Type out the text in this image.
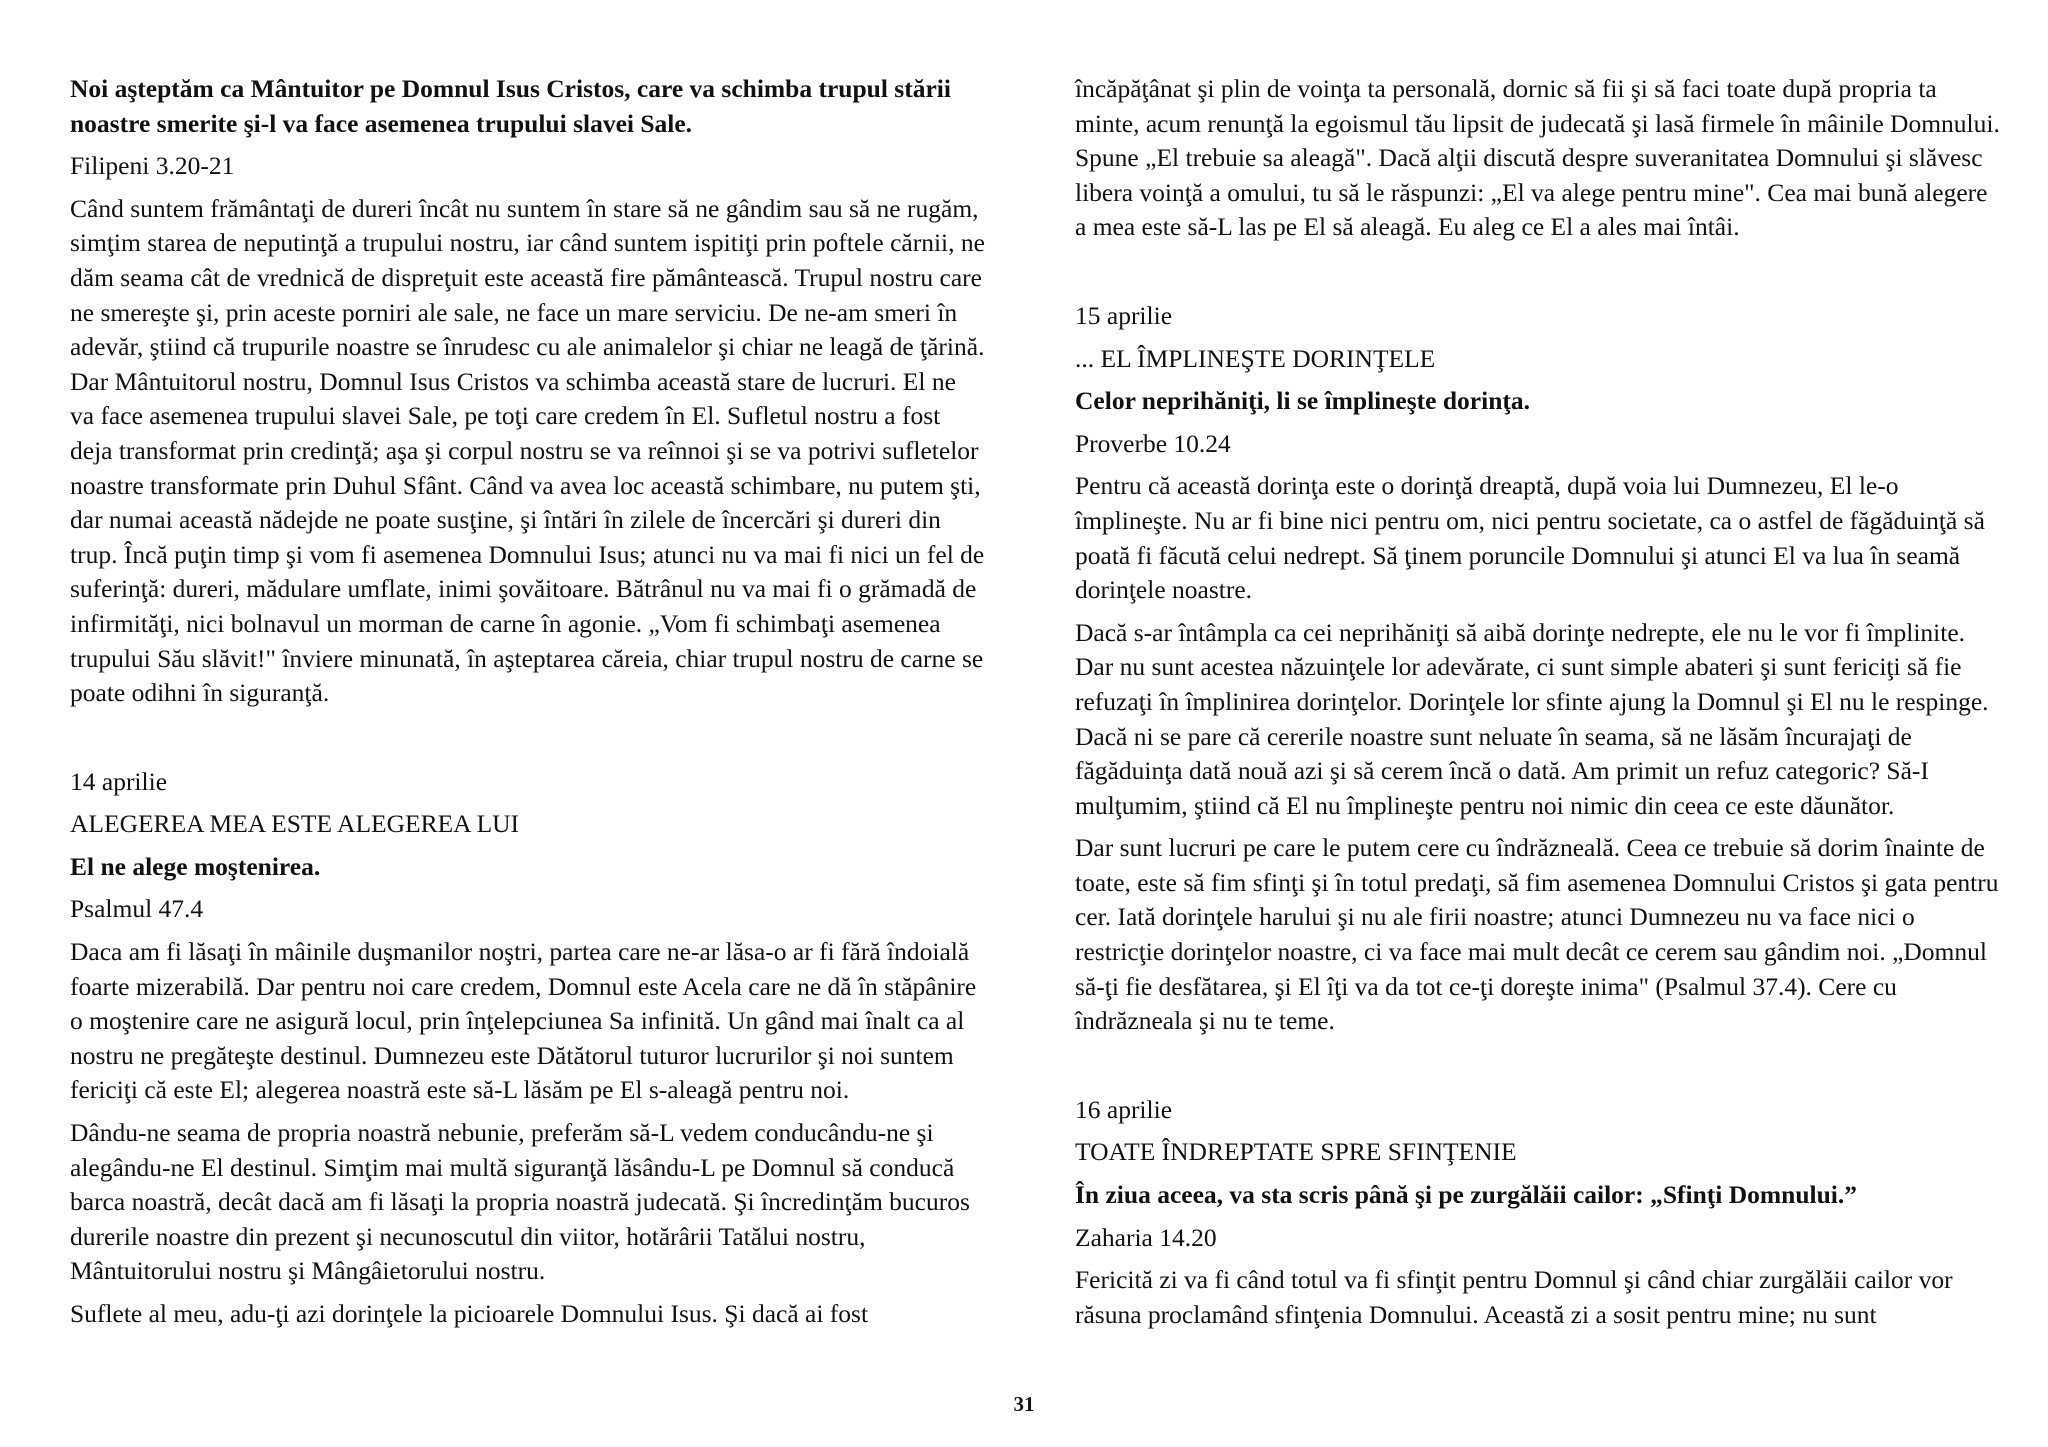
Noi aşteptăm ca Mântuitor pe Domnul Isus Cristos, care va schimba trupul stării noastre smerite şi-l va face asemenea trupului slavei Sale.

Filipeni 3.20-21

Când suntem frământaţi de dureri încât nu suntem în stare să ne gândim sau să ne rugăm, simţim starea de neputinţă a trupului nostru, iar când suntem ispitiţi prin poftele cărnii, ne dăm seama cât de vrednică de dispreţuit este această fire pământească. Trupul nostru care ne smereşte şi, prin aceste porniri ale sale, ne face un mare serviciu. De ne-am smeri în adevăr, ştiind că trupurile noastre se înrudesc cu ale animalelor şi chiar ne leagă de ţărină. Dar Mântuitorul nostru, Domnul Isus Cristos va schimba această stare de lucruri. El ne va face asemenea trupului slavei Sale, pe toţi care credem în El. Sufletul nostru a fost deja transformat prin credinţă; aşa şi corpul nostru se va reînnoi şi se va potrivi sufletelor noastre transformate prin Duhul Sfânt. Când va avea loc această schimbare, nu putem şti, dar numai această nădejde ne poate susţine, şi întări în zilele de încercări şi dureri din trup. Încă puţin timp şi vom fi asemenea Domnului Isus; atunci nu va mai fi nici un fel de suferinţă: dureri, mădulare umflate, inimi şovăitoare. Bătrânul nu va mai fi o grămadă de infirmităţi, nici bolnavul un morman de carne în agonie. „Vom fi schimbaţi asemenea trupului Său slăvit!" înviere minunată, în aşteptarea căreia, chiar trupul nostru de carne se poate odihni în siguranţă.

14 aprilie

ALEGEREA MEA ESTE ALEGEREA LUI

El ne alege moştenirea.

Psalmul 47.4

Daca am fi lăsaţi în mâinile duşmanilor noştri, partea care ne-ar lăsa-o ar fi fără îndoială foarte mizerabilă. Dar pentru noi care credem, Domnul este Acela care ne dă în stăpânire o moştenire care ne asigură locul, prin înţelepciunea Sa infinită. Un gând mai înalt ca al nostru ne pregăteşte destinul. Dumnezeu este Dătătorul tuturor lucrurilor şi noi suntem fericiţi că este El; alegerea noastră este să-L lăsăm pe El s-aleagă pentru noi.

Dându-ne seama de propria noastră nebunie, preferăm să-L vedem conducându-ne şi alegându-ne El destinul. Simţim mai multă siguranţă lăsându-L pe Domnul să conducă barca noastră, decât dacă am fi lăsaţi la propria noastră judecată. Şi încredinţăm bucuros durerile noastre din prezent şi necunoscutul din viitor, hotărârii Tatălui nostru, Mântuitorului nostru şi Mângâietorului nostru.

Suflete al meu, adu-ţi azi dorinţele la picioarele Domnului Isus. Şi dacă ai fost

încăpăţânat şi plin de voinţa ta personală, dornic să fii şi să faci toate după propria ta minte, acum renunţă la egoismul tău lipsit de judecată şi lasă firmele în mâinile Domnului. Spune „El trebuie sa aleagă". Dacă alţii discută despre suveranitatea Domnului şi slăvesc libera voinţă a omului, tu să le răspunzi: „El va alege pentru mine". Cea mai bună alegere a mea este să-L las pe El să aleagă. Eu aleg ce El a ales mai întâi.

15 aprilie

... EL ÎMPLINEŞTE DORINŢELE

Celor neprihăniţi, li se împlineşte dorinţa.

Proverbe 10.24

Pentru că această dorinţa este o dorinţă dreaptă, după voia lui Dumnezeu, El le-o împlineşte. Nu ar fi bine nici pentru om, nici pentru societate, ca o astfel de făgăduinţă să poată fi făcută celui nedrept. Să ţinem poruncile Domnului şi atunci El va lua în seamă dorinţele noastre.

Dacă s-ar întâmpla ca cei neprihăniţi să aibă dorinţe nedrepte, ele nu le vor fi împlinite. Dar nu sunt acestea năzuinţele lor adevărate, ci sunt simple abateri şi sunt fericiţi să fie refuzaţi în împlinirea dorinţelor. Dorinţele lor sfinte ajung la Domnul şi El nu le respinge. Dacă ni se pare că cererile noastre sunt neluate în seama, să ne lăsăm încurajaţi de făgăduinţa dată nouă azi şi să cerem încă o dată. Am primit un refuz categoric? Să-I mulţumim, ştiind că El nu împlineşte pentru noi nimic din ceea ce este dăunător.

Dar sunt lucruri pe care le putem cere cu îndrăzneală. Ceea ce trebuie să dorim înainte de toate, este să fim sfinţi şi în totul predaţi, să fim asemenea Domnului Cristos şi gata pentru cer. Iată dorinţele harului şi nu ale firii noastre; atunci Dumnezeu nu va face nici o restricţie dorinţelor noastre, ci va face mai mult decât ce cerem sau gândim noi. „Domnul să-ţi fie desfătarea, şi El îţi va da tot ce-ţi doreşte inima" (Psalmul 37.4). Cere cu îndrăzneala şi nu te teme.

16 aprilie

TOATE ÎNDREPTATE SPRE SFINŢENIE

În ziua aceea, va sta scris până şi pe zurgălăii cailor: „Sfinţi Domnului.”

Zaharia 14.20

Fericită zi va fi când totul va fi sfinţit pentru Domnul şi când chiar zurgălăii cailor vor răsuna proclamând sfinţenia Domnului. Această zi a sosit pentru mine; nu sunt

31
